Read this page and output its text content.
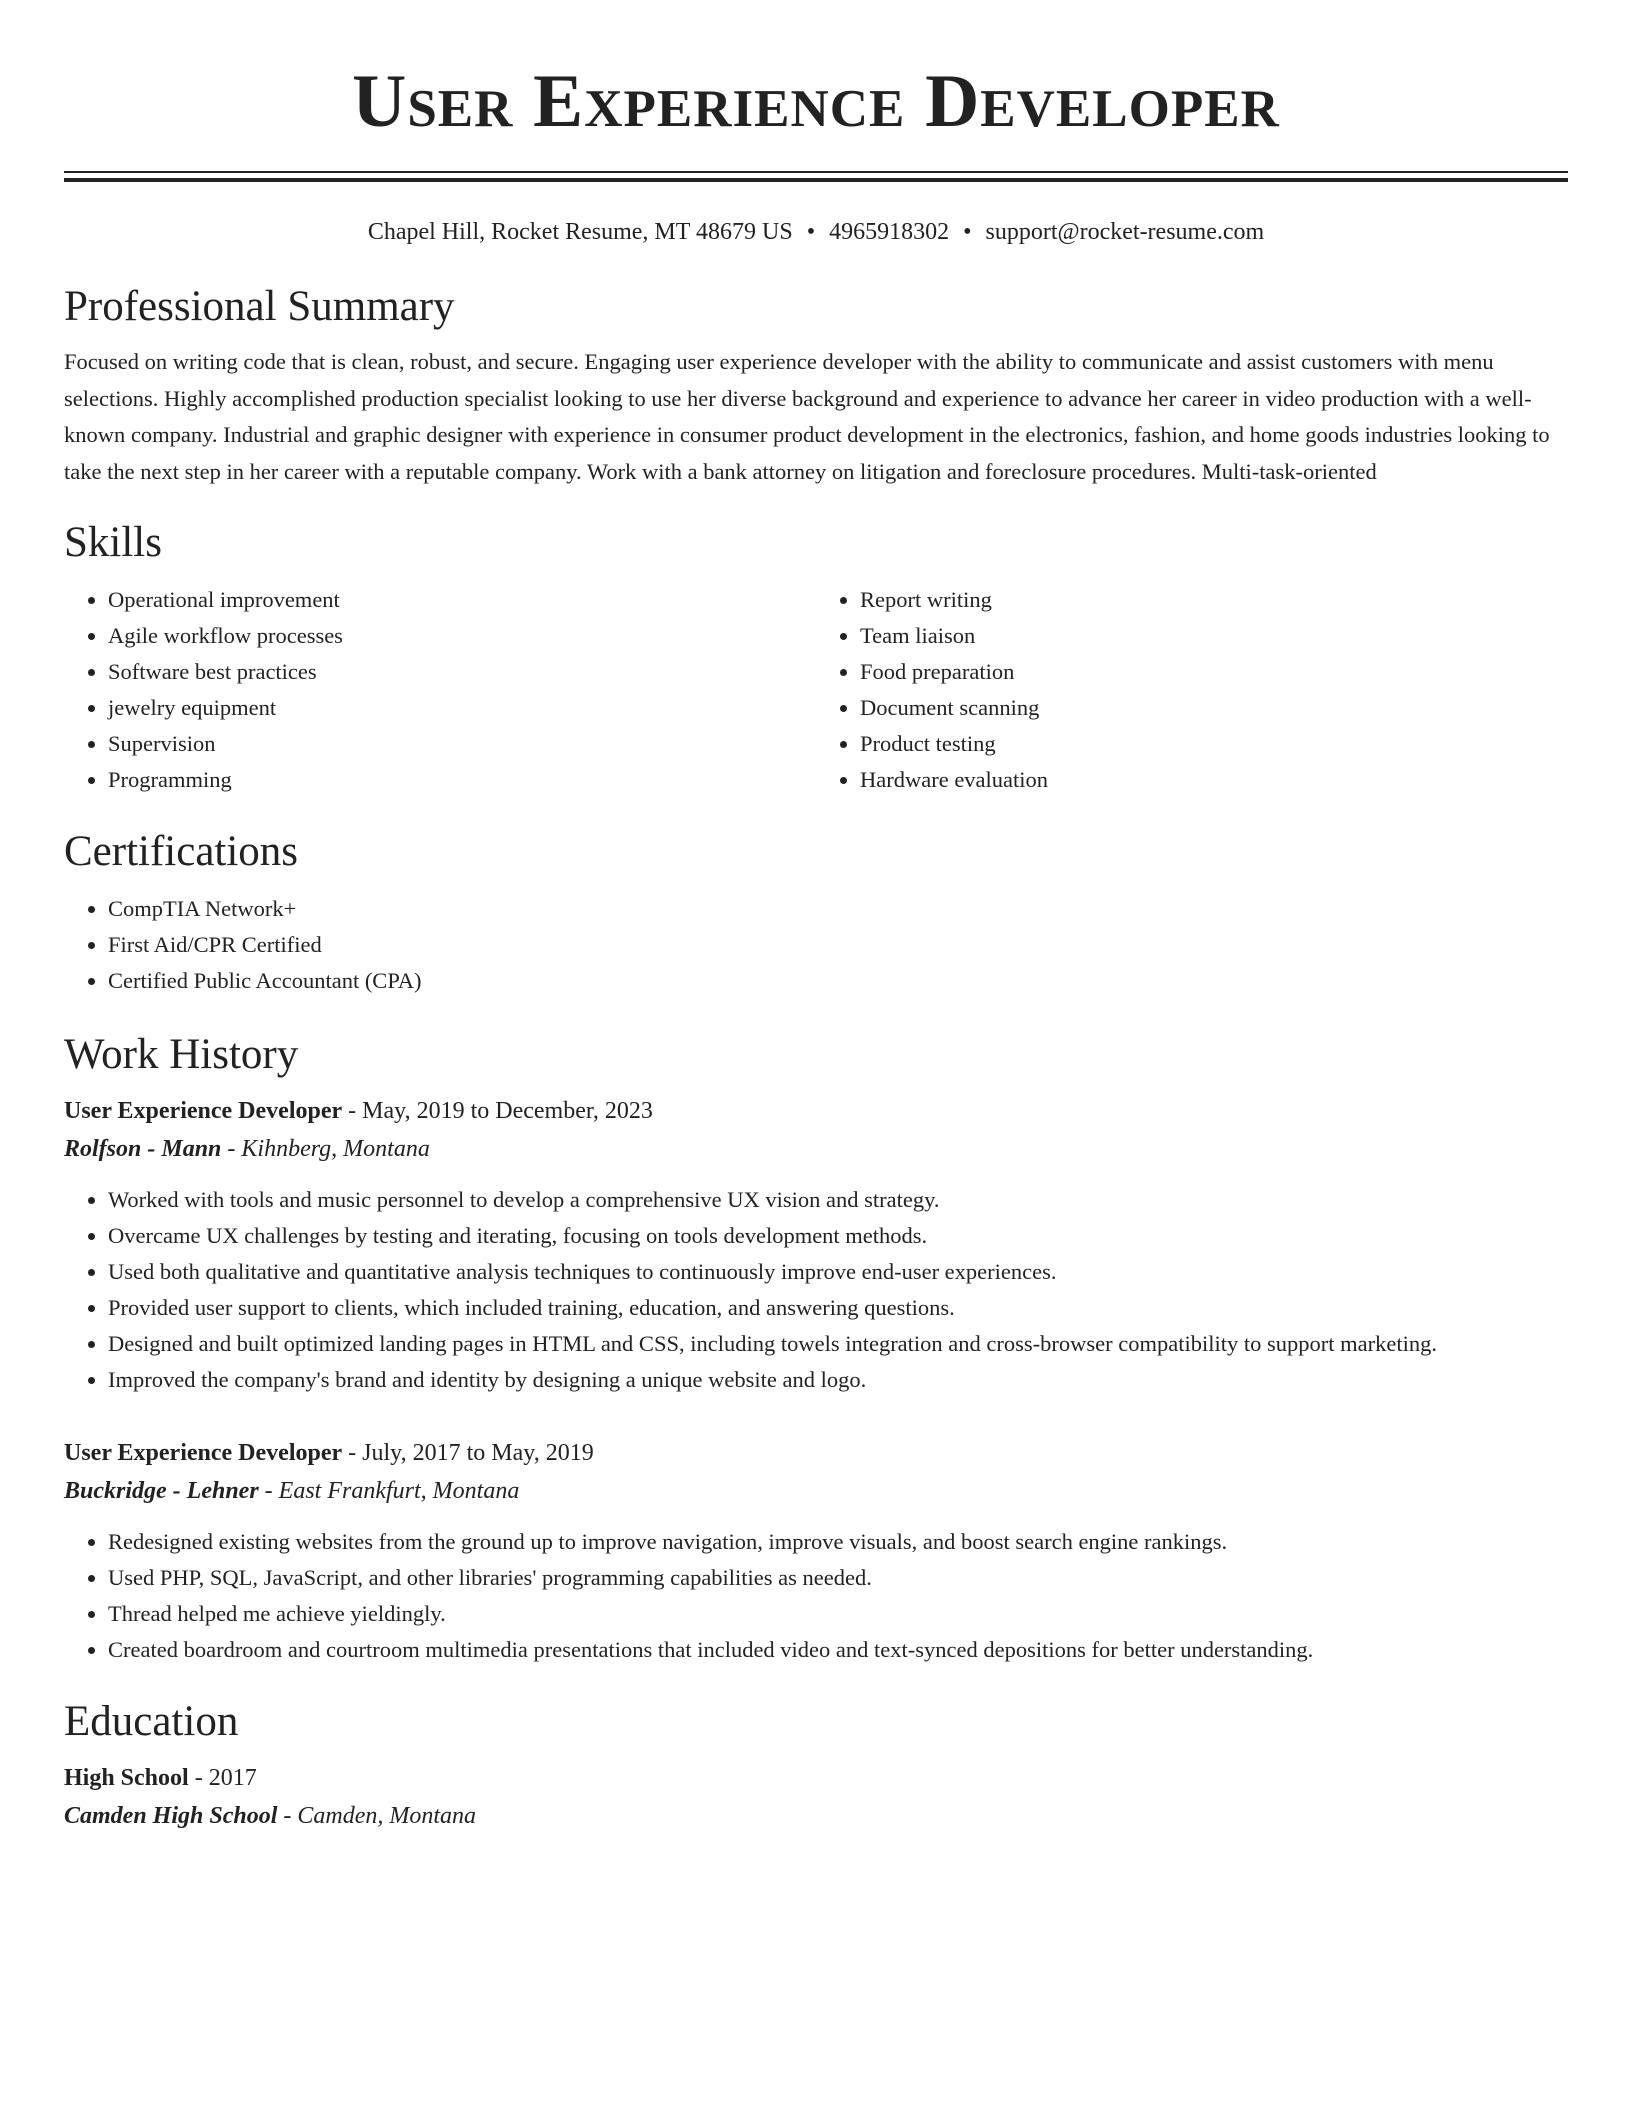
User Experience Developer
Chapel Hill, Rocket Resume, MT 48679 US • 4965918302 • support@rocket-resume.com
Professional Summary

Focused on writing code that is clean, robust, and secure. Engaging user experience developer with the ability to communicate and assist customers with menu selections. Highly accomplished production specialist looking to use her diverse background and experience to advance her career in video production with a well-known company. Industrial and graphic designer with experience in consumer product development in the electronics, fashion, and home goods industries looking to take the next step in her career with a reputable company. Work with a bank attorney on litigation and foreclosure procedures. Multi-task-oriented

Skills
• Operational improvement
• Agile workflow processes
• Software best practices
• jewelry equipment
• Supervision
• Programming
• Report writing
• Team liaison
• Food preparation
• Document scanning
• Product testing
• Hardware evaluation
Certifications
• CompTIA Network+
• First Aid/CPR Certified
• Certified Public Accountant (CPA)
Work History
User Experience Developer - May, 2019 to December, 2023
Rolfson - Mann - Kihnberg, Montana
• Worked with tools and music personnel to develop a comprehensive UX vision and strategy.
• Overcame UX challenges by testing and iterating, focusing on tools development methods.
• Used both qualitative and quantitative analysis techniques to continuously improve end-user experiences.
• Provided user support to clients, which included training, education, and answering questions.
• Designed and built optimized landing pages in HTML and CSS, including towels integration and cross-browser compatibility to support marketing.
• Improved the company's brand and identity by designing a unique website and logo.
User Experience Developer - July, 2017 to May, 2019
Buckridge - Lehner - East Frankfurt, Montana
• Redesigned existing websites from the ground up to improve navigation, improve visuals, and boost search engine rankings.
• Used PHP, SQL, JavaScript, and other libraries' programming capabilities as needed.
• Thread helped me achieve yieldingly.
• Created boardroom and courtroom multimedia presentations that included video and text-synced depositions for better understanding.
Education
High School - 2017
Camden High School - Camden, Montana
